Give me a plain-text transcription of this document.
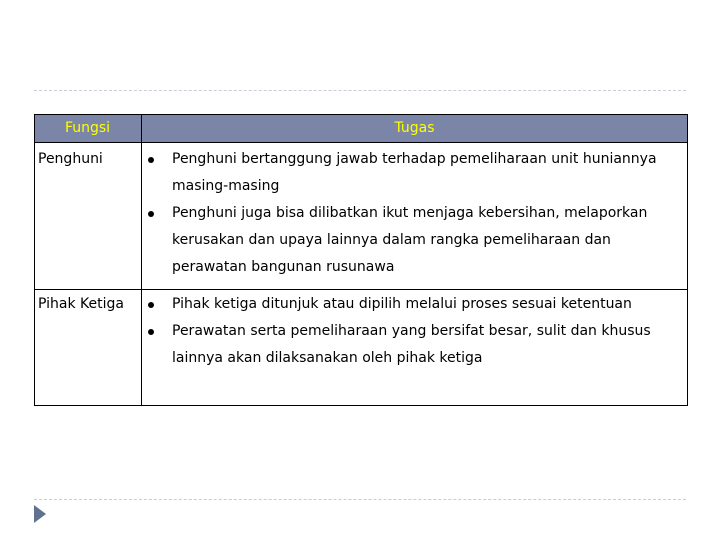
Fungsi	Tugas
Penghuni	Penghuni bertanggung jawab terhadap pemeliharaan unit huniannya masing-masing
Penghuni juga bisa dilibatkan ikut menjaga kebersihan, melaporkan kerusakan dan upaya lainnya dalam rangka pemeliharaan dan perawatan bangunan rusunawa
Pihak Ketiga	Pihak ketiga ditunjuk atau dipilih melalui proses sesuai ketentuan
Perawatan serta pemeliharaan yang bersifat besar, sulit dan khusus lainnya akan dilaksanakan oleh pihak ketiga
